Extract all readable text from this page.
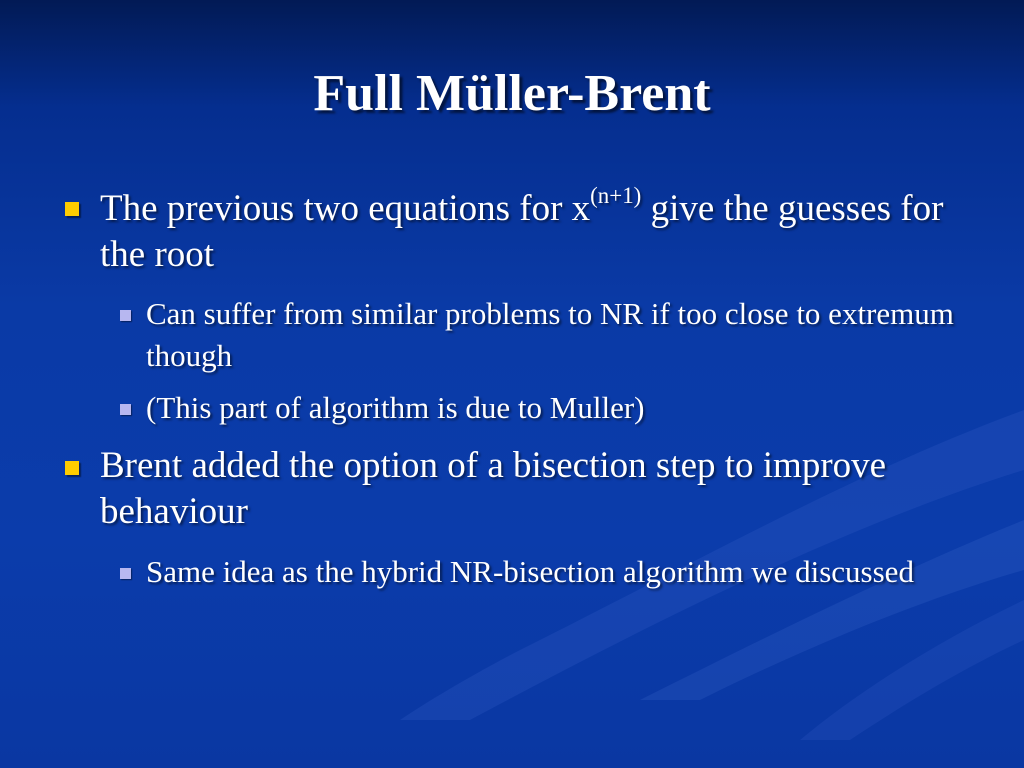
Full Müller-Brent
The previous two equations for $x^{(n+1)}$ give the guesses for the root
Can suffer from similar problems to NR if too close to extremum though
(This part of algorithm is due to Muller)
Brent added the option of a bisection step to improve behaviour
Same idea as the hybrid NR-bisection algorithm we discussed
